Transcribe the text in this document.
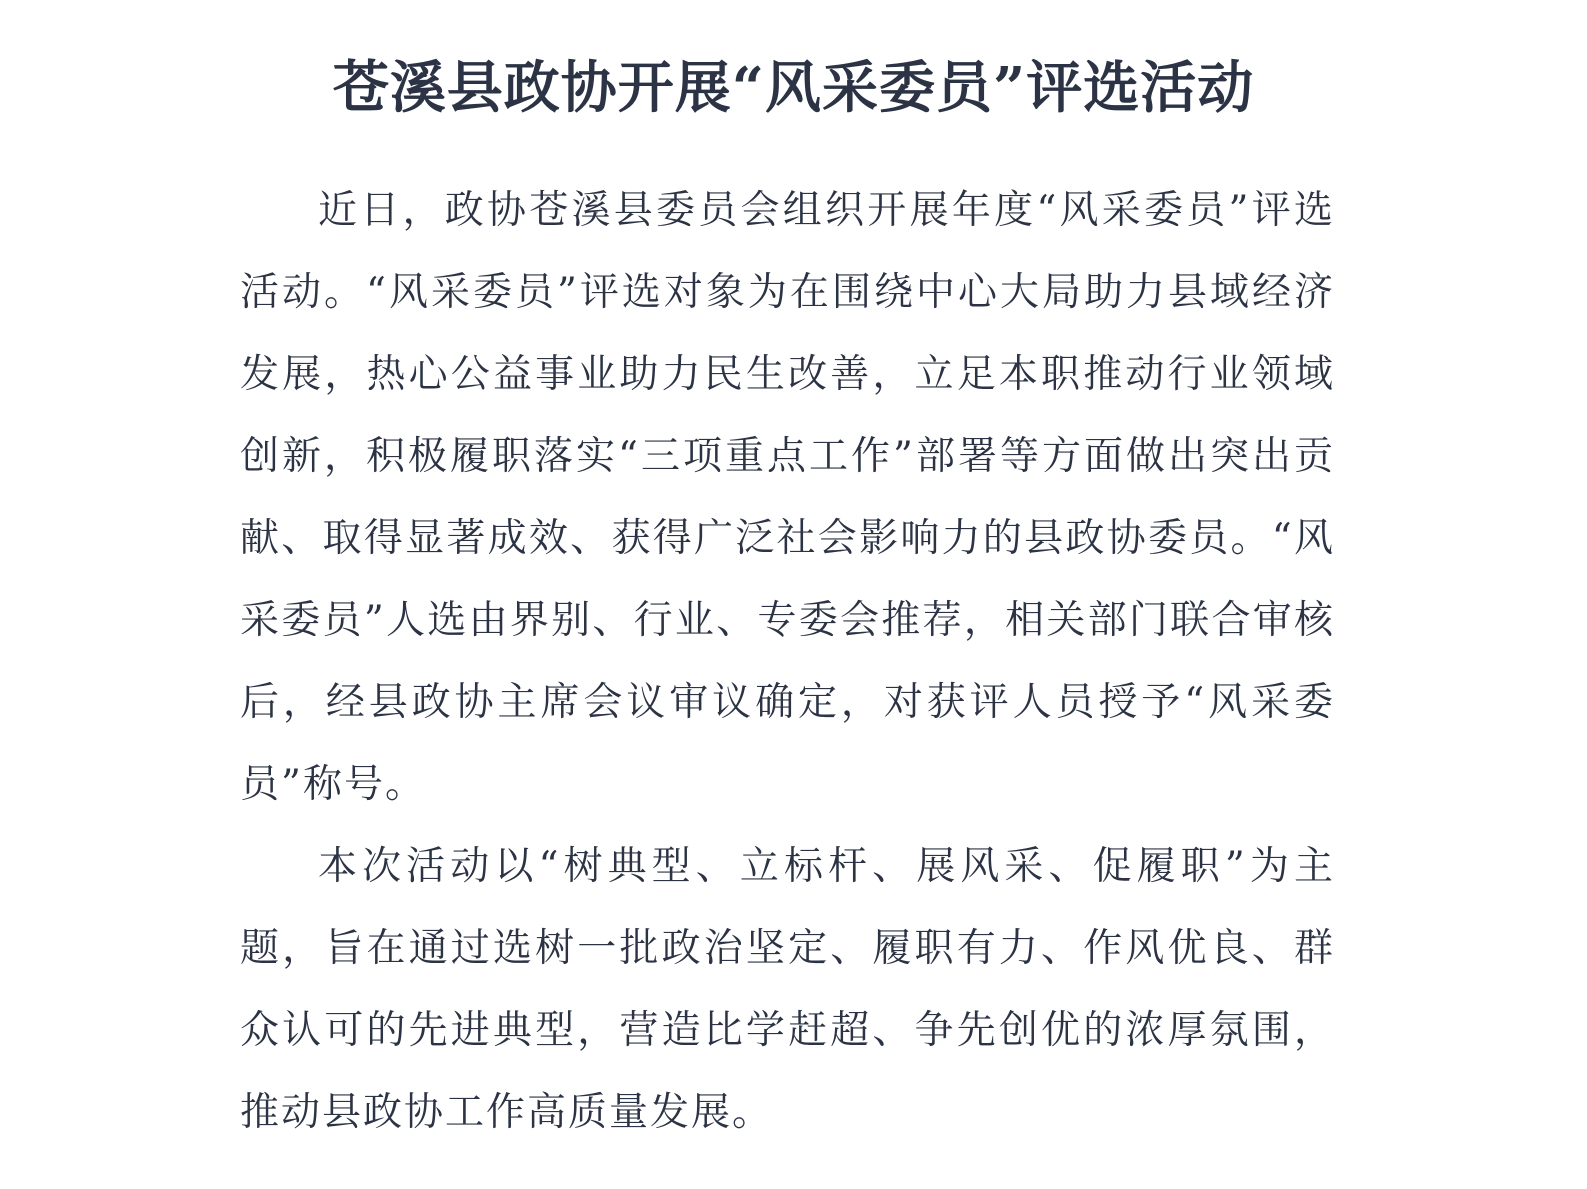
苍溪县政协开展“风采委员”评选活动

近日，政协苍溪县委员会组织开展年度“风采委员”评选活动。“风采委员”评选对象为在围绕中心大局助力县域经济发展，热心公益事业助力民生改善，立足本职推动行业领域创新，积极履职落实“三项重点工作”部署等方面做出突出贡献、取得显著成效、获得广泛社会影响力的县政协委员。“风采委员”人选由界别、行业、专委会推荐，相关部门联合审核后，经县政协主席会议审议确定，对获评人员授予“风采委员”称号。

本次活动以“树典型、立标杆、展风采、促履职”为主题，旨在通过选树一批政治坚定、履职有力、作风优良、群众认可的先进典型，营造比学赶超、争先创优的浓厚氛围，推动县政协工作高质量发展。
